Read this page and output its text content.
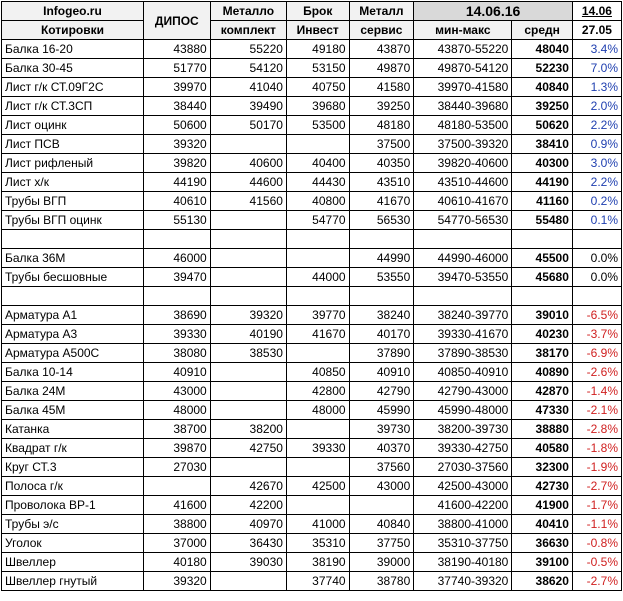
Infogeo.ru	ДИПОС	Металло	Брок	Металл	14.06.16		14.06
Котировки		комплект	Инвест	сервис	мин-макс	средн	27.05
Балка 16-20	43880	55220	49180	43870	43870-55220	48040	3.4%
Балка 30-45	51770	54120	53150	49870	49870-54120	52230	7.0%
Лист г/к СТ.09Г2С	39970	41040	40750	41580	39970-41580	40840	1.3%
Лист г/к СТ.3СП	38440	39490	39680	39250	38440-39680	39250	2.0%
Лист оцинк	50600	50170	53500	48180	48180-53500	50620	2.2%
Лист ПСВ	39320			37500	37500-39320	38410	0.9%
Лист рифленый	39820	40600	40400	40350	39820-40600	40300	3.0%
Лист х/к	44190	44600	44430	43510	43510-44600	44190	2.2%
Трубы ВГП	40610	41560	40800	41670	40610-41670	41160	0.2%
Трубы ВГП оцинк	55130		54770	56530	54770-56530	55480	0.1%

Балка 36М	46000			44990	44990-46000	45500	0.0%
Трубы бесшовные	39470		44000	53550	39470-53550	45680	0.0%

Арматура А1	38690	39320	39770	38240	38240-39770	39010	-6.5%
Арматура А3	39330	40190	41670	40170	39330-41670	40230	-3.7%
Арматура А500С	38080	38530		37890	37890-38530	38170	-6.9%
Балка 10-14	40910		40850	40910	40850-40910	40890	-2.6%
Балка 24М	43000		42800	42790	42790-43000	42870	-1.4%
Балка 45М	48000		48000	45990	45990-48000	47330	-2.1%
Катанка	38700	38200		39730	38200-39730	38880	-2.8%
Квадрат г/к	39870	42750	39330	40370	39330-42750	40580	-1.8%
Круг СТ.3	27030			37560	27030-37560	32300	-1.9%
Полоса г/к		42670	42500	43000	42500-43000	42730	-2.7%
Проволока ВР-1	41600	42200			41600-42200	41900	-1.7%
Трубы э/с	38800	40970	41000	40840	38800-41000	40410	-1.1%
Уголок	37000	36430	35310	37750	35310-37750	36630	-0.8%
Швеллер	40180	39030	38190	39000	38190-40180	39100	-0.5%
Швеллер гнутый	39320		37740	38780	37740-39320	38620	-2.7%
